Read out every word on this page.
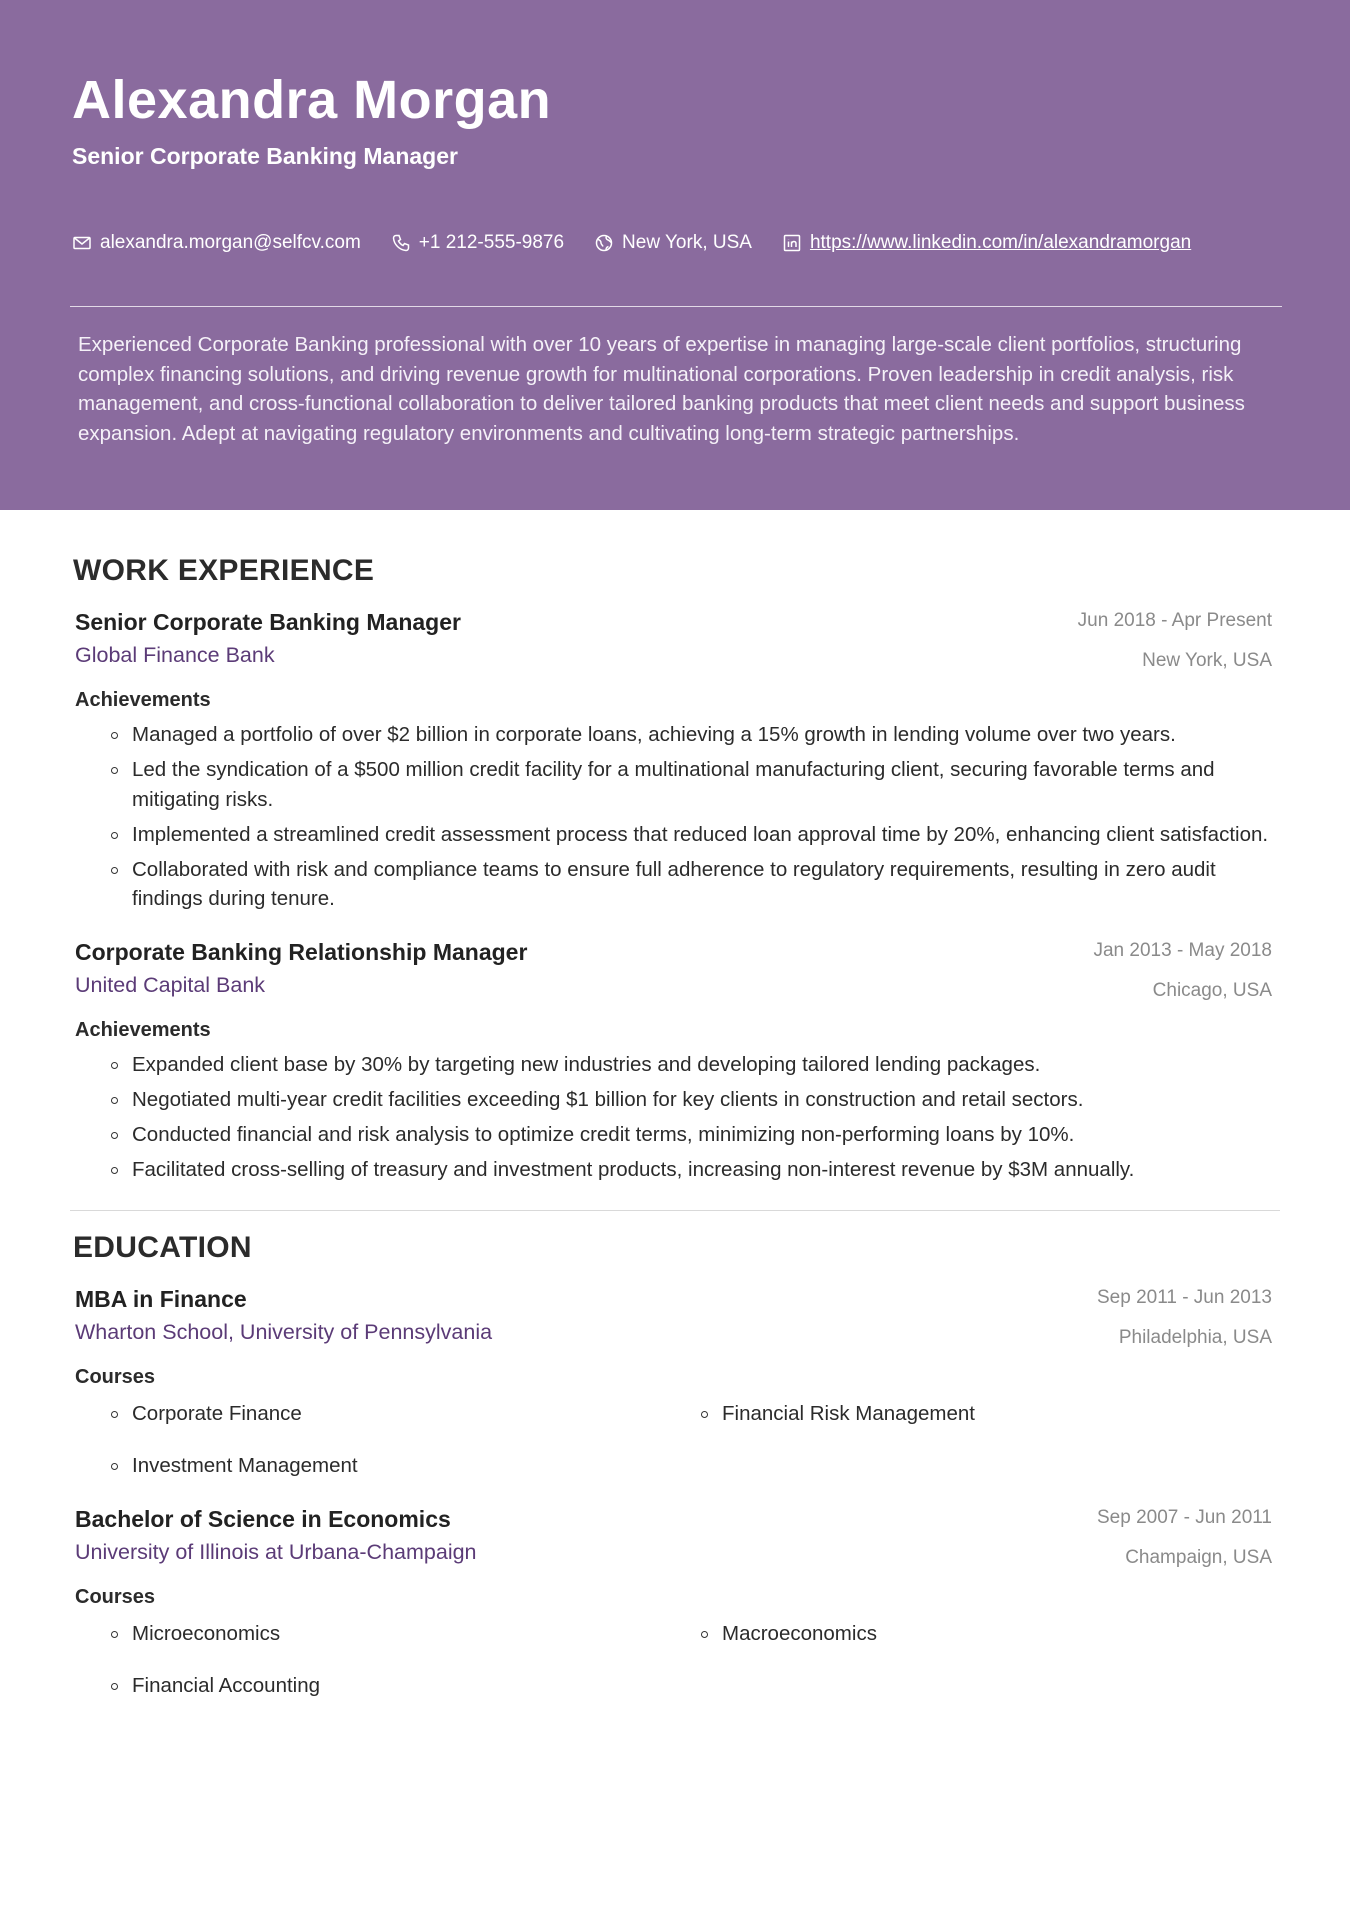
Alexandra Morgan
Senior Corporate Banking Manager
alexandra.morgan@selfcv.com	+1 212-555-9876	New York, USA	https://www.linkedin.com/in/alexandramorgan
Experienced Corporate Banking professional with over 10 years of expertise in managing large-scale client portfolios, structuring complex financing solutions, and driving revenue growth for multinational corporations. Proven leadership in credit analysis, risk management, and cross-functional collaboration to deliver tailored banking products that meet client needs and support business expansion. Adept at navigating regulatory environments and cultivating long-term strategic partnerships.
WORK EXPERIENCE
Senior Corporate Banking Manager
Global Finance Bank
Jun 2018 - Apr Present
New York, USA
Achievements
Managed a portfolio of over $2 billion in corporate loans, achieving a 15% growth in lending volume over two years.
Led the syndication of a $500 million credit facility for a multinational manufacturing client, securing favorable terms and mitigating risks.
Implemented a streamlined credit assessment process that reduced loan approval time by 20%, enhancing client satisfaction.
Collaborated with risk and compliance teams to ensure full adherence to regulatory requirements, resulting in zero audit findings during tenure.
Corporate Banking Relationship Manager
United Capital Bank
Jan 2013 - May 2018
Chicago, USA
Achievements
Expanded client base by 30% by targeting new industries and developing tailored lending packages.
Negotiated multi-year credit facilities exceeding $1 billion for key clients in construction and retail sectors.
Conducted financial and risk analysis to optimize credit terms, minimizing non-performing loans by 10%.
Facilitated cross-selling of treasury and investment products, increasing non-interest revenue by $3M annually.
EDUCATION
MBA in Finance
Wharton School, University of Pennsylvania
Sep 2011 - Jun 2013
Philadelphia, USA
Courses
Corporate Finance	Financial Risk Management
Investment Management
Bachelor of Science in Economics
University of Illinois at Urbana-Champaign
Sep 2007 - Jun 2011
Champaign, USA
Courses
Microeconomics	Macroeconomics
Financial Accounting
